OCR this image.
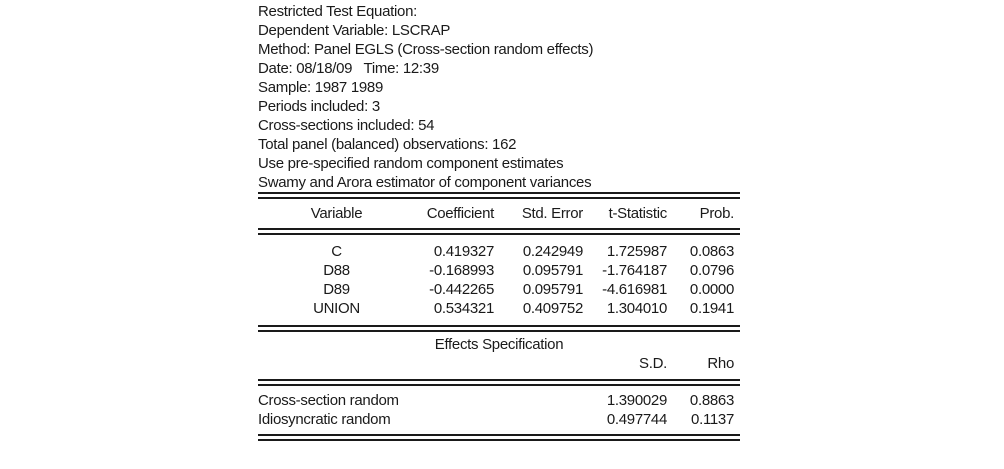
Restricted Test Equation:
Dependent Variable: LSCRAP
Method: Panel EGLS (Cross-section random effects)
Date: 08/18/09   Time: 12:39
Sample: 1987 1989
Periods included: 3
Cross-sections included: 54
Total panel (balanced) observations: 162
Use pre-specified random component estimates
Swamy and Arora estimator of component variances
Variable	Coefficient	Std. Error	t-Statistic	Prob.
C	0.419327	0.242949	1.725987	0.0863
D88	-0.168993	0.095791	-1.764187	0.0796
D89	-0.442265	0.095791	-4.616981	0.0000
UNION	0.534321	0.409752	1.304010	0.1941
Effects Specification
S.D.	Rho
Cross-section random	1.390029	0.8863
Idiosyncratic random	0.497744	0.1137
